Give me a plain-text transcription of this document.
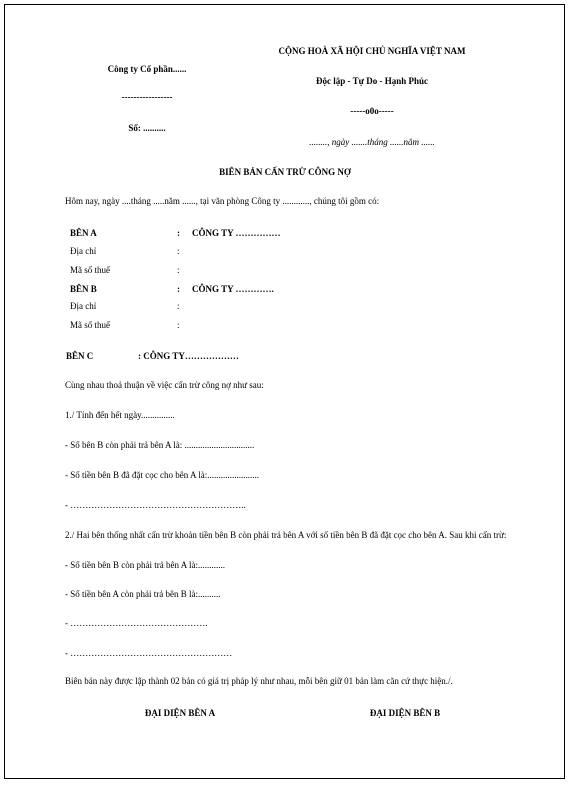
Công ty Cổ phần......
-----------------
Số: ..........
CỘNG HOÀ XÃ HỘI CHỦ NGHĨA VIỆT NAM
Độc lập - Tự Do - Hạnh Phúc
-----o0o-----
........, ngày .......tháng ......năm ......
BIÊN BẢN CẤN TRỪ CÔNG NỢ
Hôm nay, ngày ....tháng .....năm ......, tại văn phòng Công ty ............, chúng tôi gồm có:
BÊN A	: CÔNG TY ……………
Địa chỉ	:
Mã số thuế	:
BÊN B	: CÔNG TY ………….
Địa chỉ	:
Mã số thuế	:
BÊN C	: CÔNG TY………………
Cùng nhau thoả thuận về việc cấn trừ công nợ như sau:
1./ Tính đến hết ngày...............
- Số bên B còn phải trả bên A là: ...............................
- Số tiền bên B đã đặt cọc cho bên A là:.......................
- …………………………………………………..
2./ Hai bên thống nhất cấn trừ khoản tiền bên B còn phải trả bên A với số tiền bên B đã đặt cọc cho bên A. Sau khi cấn trừ:
- Số tiền bên B còn phải trả bên A là:............
- Số tiền bên A còn phải trả bên B là:..........
- ……………………………………….
- ………………………………………………
Biên bản này được lập thành 02 bản có giá trị pháp lý như nhau, mỗi bên giữ 01 bản làm căn cứ thực hiện./.
ĐẠI DIỆN BÊN A	ĐẠI DIỆN BÊN B
